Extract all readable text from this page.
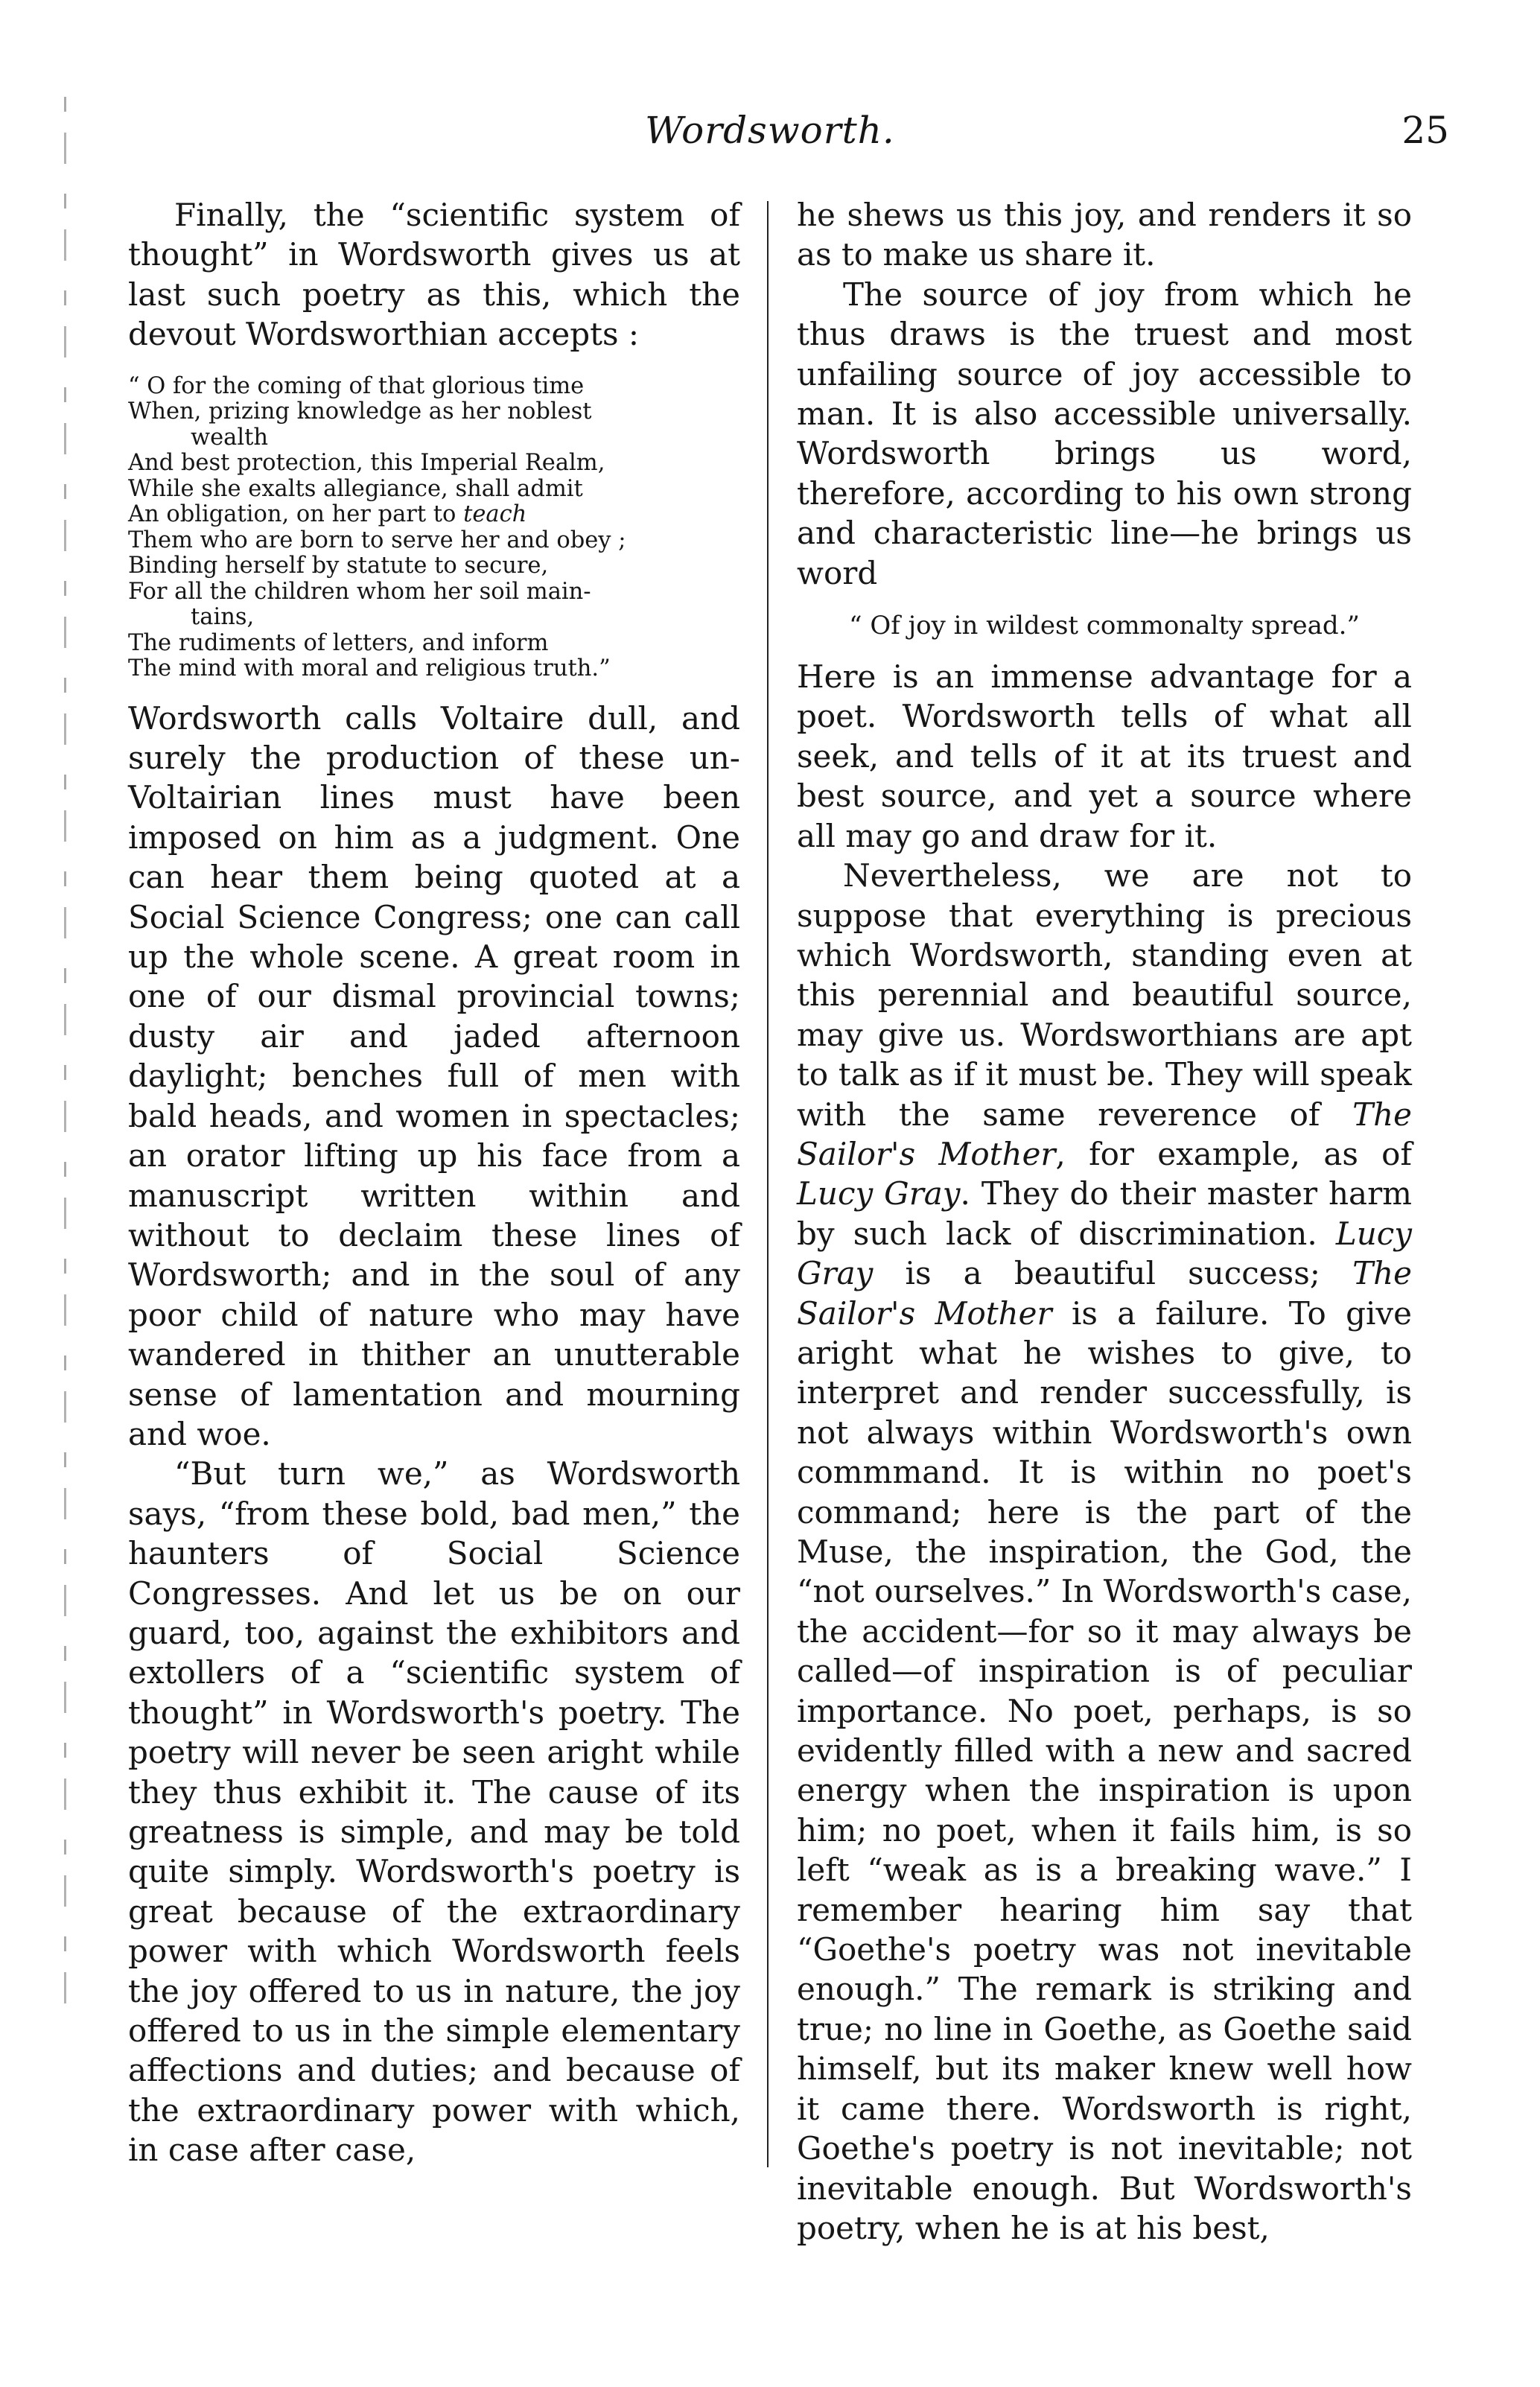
Wordsworth.	25

Finally, the “scientific system of thought” in Wordsworth gives us at last such poetry as this, which the devout Wordsworthian accepts :

“ O for the coming of that glorious time
When, prizing knowledge as her noblest
wealth
And best protection, this Imperial Realm,
While she exalts allegiance, shall admit
An obligation, on her part to teach
Them who are born to serve her and obey ;
Binding herself by statute to secure,
For all the children whom her soil main-
tains,
The rudiments of letters, and inform
The mind with moral and religious truth.”

Wordsworth calls Voltaire dull, and surely the production of these un-Voltairian lines must have been imposed on him as a judgment. One can hear them being quoted at a Social Science Congress; one can call up the whole scene. A great room in one of our dismal provincial towns; dusty air and jaded afternoon daylight; benches full of men with bald heads, and women in spectacles; an orator lifting up his face from a manuscript written within and without to declaim these lines of Wordsworth; and in the soul of any poor child of nature who may have wandered in thither an unutterable sense of lamentation and mourning and woe.

“But turn we,” as Wordsworth says, “from these bold, bad men,” the haunters of Social Science Congresses. And let us be on our guard, too, against the exhibitors and extollers of a “scientific system of thought” in Wordsworth's poetry. The poetry will never be seen aright while they thus exhibit it. The cause of its greatness is simple, and may be told quite simply. Wordsworth's poetry is great because of the extraordinary power with which Wordsworth feels the joy offered to us in nature, the joy offered to us in the simple elementary affections and duties; and because of the extraordinary power with which, in case after case,

he shews us this joy, and renders it so as to make us share it.

The source of joy from which he thus draws is the truest and most unfailing source of joy accessible to man. It is also accessible universally. Wordsworth brings us word, therefore, according to his own strong and characteristic line—he brings us word

“ Of joy in wildest commonalty spread.”

Here is an immense advantage for a poet. Wordsworth tells of what all seek, and tells of it at its truest and best source, and yet a source where all may go and draw for it.

Nevertheless, we are not to suppose that everything is precious which Wordsworth, standing even at this perennial and beautiful source, may give us. Wordsworthians are apt to talk as if it must be. They will speak with the same reverence of The Sailor's Mother, for example, as of Lucy Gray. They do their master harm by such lack of discrimination. Lucy Gray is a beautiful success; The Sailor's Mother is a failure. To give aright what he wishes to give, to interpret and render successfully, is not always within Wordsworth's own commmand. It is within no poet's command; here is the part of the Muse, the inspiration, the God, the “not ourselves.” In Wordsworth's case, the accident—for so it may always be called—of inspiration is of peculiar importance. No poet, perhaps, is so evidently filled with a new and sacred energy when the inspiration is upon him; no poet, when it fails him, is so left “weak as is a breaking wave.” I remember hearing him say that “Goethe's poetry was not inevitable enough.” The remark is striking and true; no line in Goethe, as Goethe said himself, but its maker knew well how it came there. Wordsworth is right, Goethe's poetry is not inevitable; not inevitable enough. But Wordsworth's poetry, when he is at his best,
